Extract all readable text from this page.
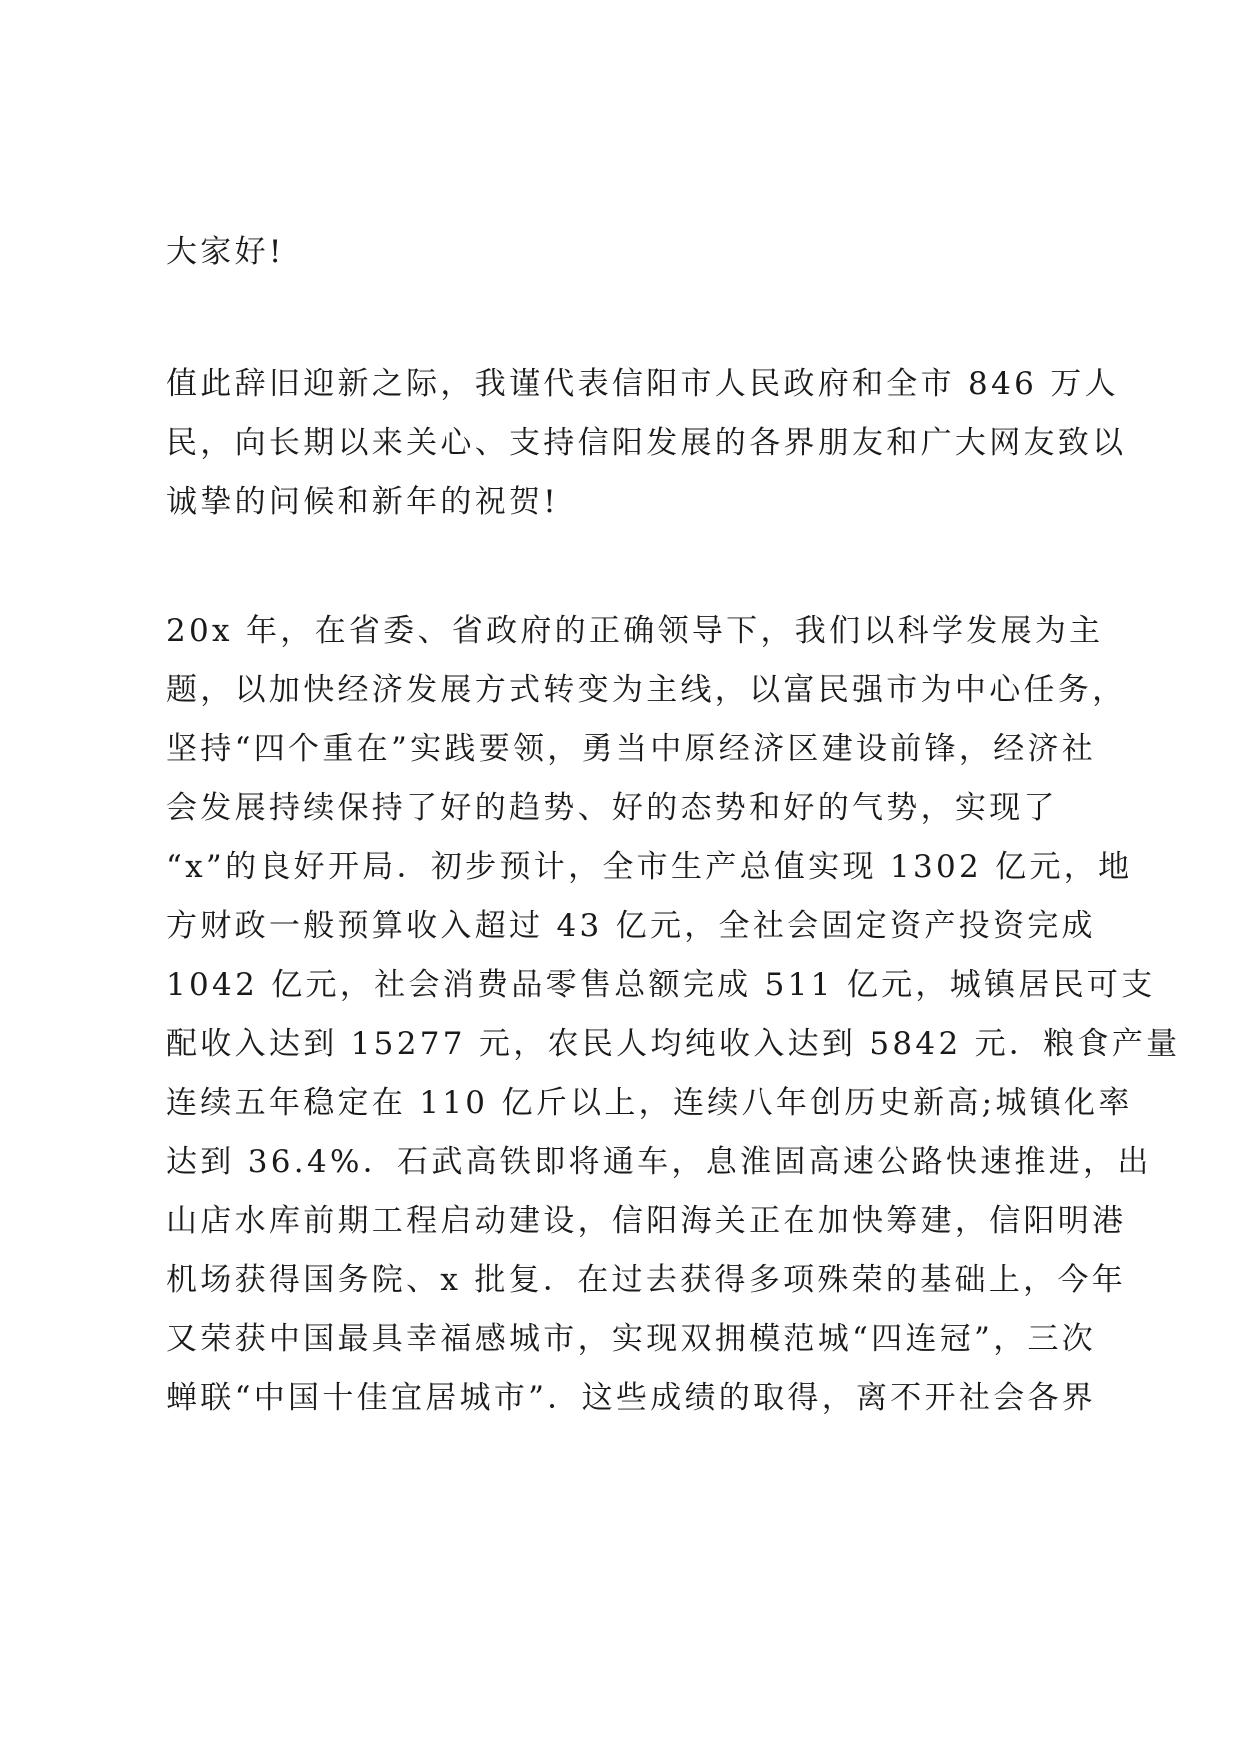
大家好!
值此辞旧迎新之际，我谨代表信阳市人民政府和全市 846 万人
民，向长期以来关心、支持信阳发展的各界朋友和广大网友致以
诚挚的问候和新年的祝贺!
20x 年，在省委、省政府的正确领导下，我们以科学发展为主
题，以加快经济发展方式转变为主线，以富民强市为中心任务，
坚持“四个重在”实践要领，勇当中原经济区建设前锋，经济社
会发展持续保持了好的趋势、好的态势和好的气势，实现了
“x”的良好开局．初步预计，全市生产总值实现 1302 亿元，地
方财政一般预算收入超过 43 亿元，全社会固定资产投资完成
1042 亿元，社会消费品零售总额完成 511 亿元，城镇居民可支
配收入达到 15277 元，农民人均纯收入达到 5842 元．粮食产量
连续五年稳定在 110 亿斤以上，连续八年创历史新高;城镇化率
达到 36.4%．石武高铁即将通车，息淮固高速公路快速推进，出
山店水库前期工程启动建设，信阳海关正在加快筹建，信阳明港
机场获得国务院、x 批复．在过去获得多项殊荣的基础上，今年
又荣获中国最具幸福感城市，实现双拥模范城“四连冠”，三次
蝉联“中国十佳宜居城市”．这些成绩的取得，离不开社会各界
